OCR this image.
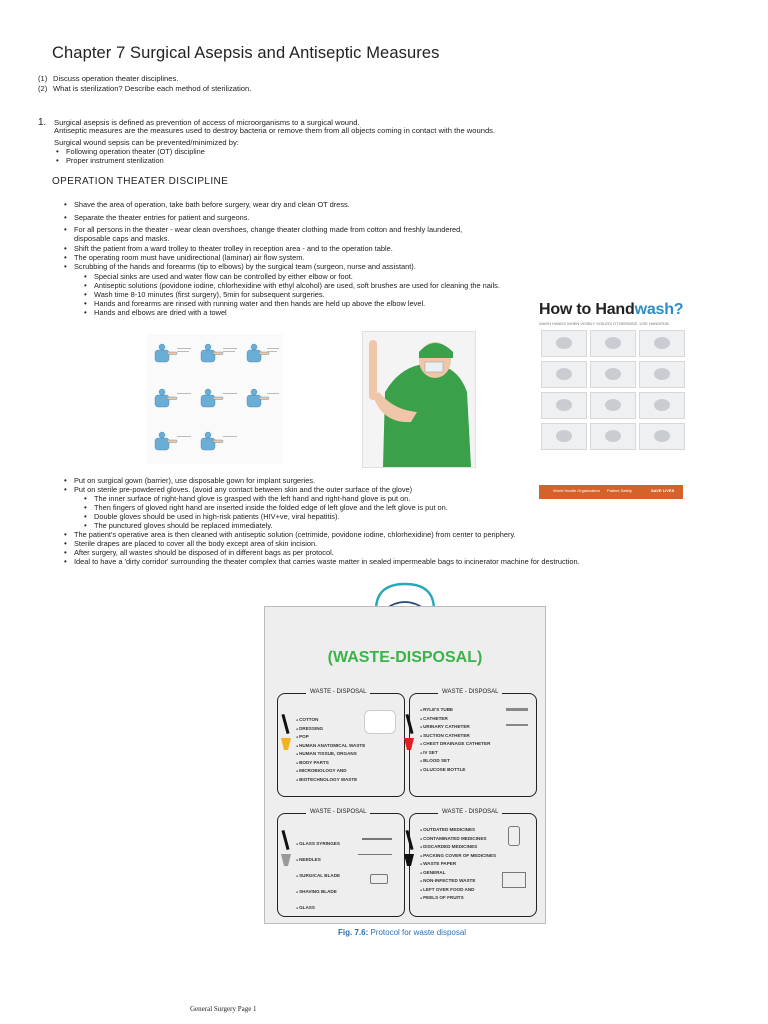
Chapter 7 Surgical Asepsis and Antiseptic Measures
(1) Discuss operation theater disciplines.
(2) What is sterilization? Describe each method of sterilization.
1. Surgical asepsis is defined as prevention of access of microorganisms to a surgical wound.
Antiseptic measures are the measures used to destroy bacteria or remove them from all objects coming in contact with the wounds.
Surgical wound sepsis can be prevented/minimized by:
• Following operation theater (OT) discipline
• Proper instrument sterilization
OPERATION THEATER DISCIPLINE
• Shave the area of operation, take bath before surgery, wear dry and clean OT dress.
• Separate the theater entries for patient and surgeons.
• For all persons in the theater - wear clean overshoes, change theater clothing made from cotton and freshly laundered,
disposable caps and masks.
• Shift the patient from a ward trolley to theater trolley in reception area - and to the operation table.
• The operating room must have unidirectional (laminar) air flow system.
• Scrubbing of the hands and forearms (tip to elbows) by the surgical team (surgeon, nurse and assistant).
• Special sinks are used and water flow can be controlled by either elbow or foot.
• Antiseptic solutions (povidone iodine, chlorhexidine with ethyl alcohol) are used, soft brushes are used for cleaning the nails.
• Wash time 8-10 minutes (first surgery), 5min for subsequent surgeries.
• Hands and forearms are rinsed with running water and then hands are held up above the elbow level.
• Hands and elbows are dried with a towel	How to Handwash?
WASH HANDS WHEN VISIBLY SOILED! OTHERWISE, USE HANDRUB
World Health Organization Patient Safety	SAVE LIVES
• Put on surgical gown (barrier), use disposable gown for implant surgeries.
• Put on sterile pre-powdered gloves. (avoid any contact between skin and the outer surface of the glove)
• The inner surface of right-hand glove is grasped with the left hand and right-hand glove is put on.
• Then fingers of gloved right hand are inserted inside the folded edge of left glove and the left glove is put on.
• Double gloves should be used in high-risk patients (HIV+ve, viral hepatitis).
• The punctured gloves should be replaced immediately.
• The patient's operative area is then cleaned with antiseptic solution (cetrimide, povidone iodine, chlorhexidine) from center to periphery.
• Sterile drapes are placed to cover all the body except area of skin incision.
• After surgery, all wastes should be disposed of in different bags as per protocol.
• Ideal to have a 'dirty corridor' surrounding the theater complex that carries waste matter in sealed impermeable bags to incinerator machine for destruction.
(WASTE-DISPOSAL)
WASTE - DISPOSAL
● COTTON
● DRESSING
● POP
● HUMAN ANATOMICAL WASTE
● HUMAN TISSUE, ORGANS
● BODY PARTS
● MICROBIOLOGY AND
● BIOTECHNOLOGY WASTE
WASTE - DISPOSAL
● RYLE'S TUBE
● CATHETER
● URINARY CATHETER
● SUCTION CATHETER
● CHEST DRAINAGE CATHETER
● IV SET
● BLOOD SET
● GLUCOSE BOTTLE
WASTE - DISPOSAL
● GLASS SYRINGES
● NEEDLES
● SURGICAL BLADE
● SHAVING BLADE
● GLASS
WASTE - DISPOSAL
● OUTDATED MEDICINES
● CONTAMINATED MEDICINES
● DISCARDED MEDICINES
● PACKING COVER OF MEDICINES
● WASTE PAPER
● GENERAL
● NON-INFECTED WASTE
● LEFT OVER FOOD AND
● PEELS OF FRUITS
Fig. 7.6: Protocol for waste disposal
General Surgery Page 1
